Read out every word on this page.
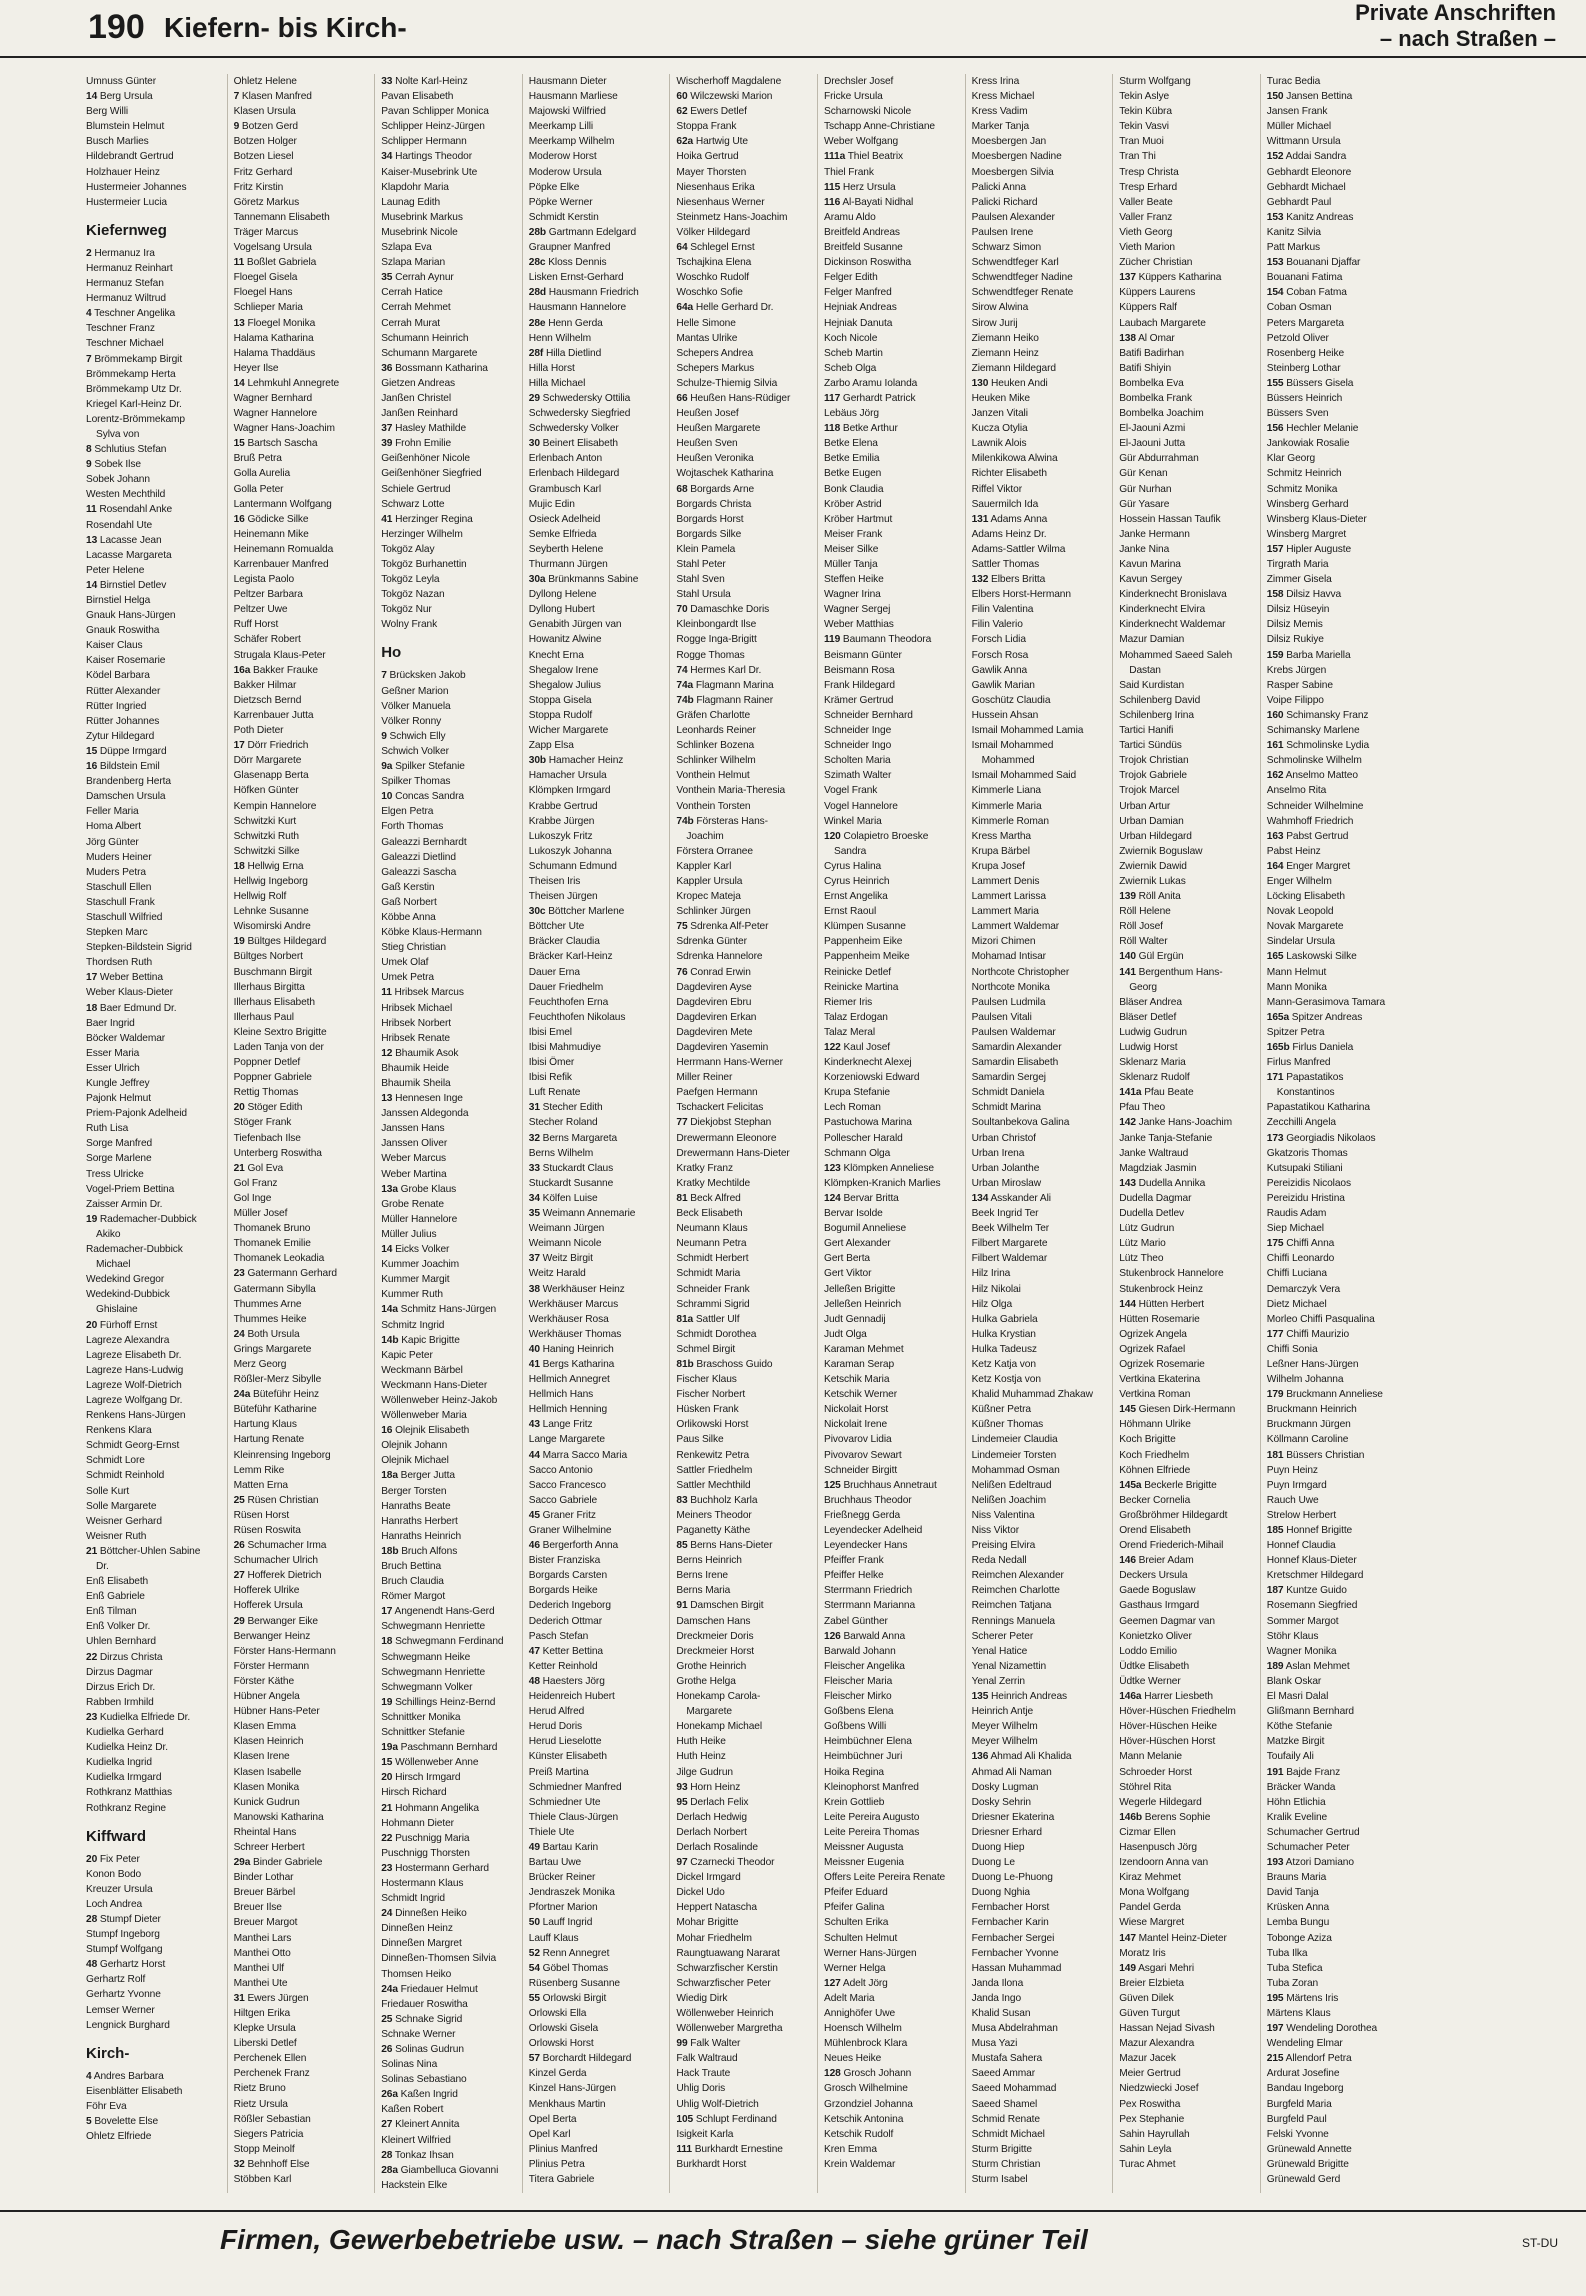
190 Kiefern- bis Kirch-	Private Anschriften
– nach Straßen –
Umnuss Günter
14 Berg Ursula
Berg Willi
Blumstein Helmut
Busch Marlies
Hildebrandt Gertrud
Holzhauer Heinz
Hustermeier Johannes
Hustermeier Lucia
Kiefernweg
2 Hermanuz Ira
Hermanuz Reinhart
Hermanuz Stefan
Hermanuz Wiltrud
4 Teschner Angelika
Teschner Franz
Teschner Michael
7 Brömmekamp Birgit
Brömmekamp Herta
Brömmekamp Utz Dr.
Kriegel Karl-Heinz Dr.
Lorentz-Brömmekamp
Sylva von
8 Schlutius Stefan
9 Sobek Ilse
Sobek Johann
Westen Mechthild
11 Rosendahl Anke
Rosendahl Ute
13 Lacasse Jean
Lacasse Margareta
Peter Helene
14 Birnstiel Detlev
Birnstiel Helga
Gnauk Hans-Jürgen
Gnauk Roswitha
Kaiser Claus
Kaiser Rosemarie
Ködel Barbara
Rütter Alexander
Rütter Ingried
Rütter Johannes
Zytur Hildegard
15 Düppe Irmgard
16 Bildstein Emil
Brandenberg Herta
Damschen Ursula
Feller Maria
Homa Albert
Jörg Günter
Muders Heiner
Muders Petra
Staschull Ellen
Staschull Frank
Staschull Wilfried
Stepken Marc
Stepken-Bildstein Sigrid
Thordsen Ruth
17 Weber Bettina
Weber Klaus-Dieter
18 Baer Edmund Dr.
Baer Ingrid
Böcker Waldemar
Esser Maria
Esser Ulrich
Kungle Jeffrey
Pajonk Helmut
Priem-Pajonk Adelheid
Ruth Lisa
Sorge Manfred
Sorge Marlene
Tress Ulricke
Vogel-Priem Bettina
Zaisser Armin Dr.
19 Rademacher-Dubbick
Akiko
Rademacher-Dubbick
Michael
Wedekind Gregor
Wedekind-Dubbick
Ghislaine
20 Fürhoff Ernst
Lagreze Alexandra
Lagreze Elisabeth Dr.
Lagreze Hans-Ludwig
Lagreze Wolf-Dietrich
Lagreze Wolfgang Dr.
Renkens Hans-Jürgen
Renkens Klara
Schmidt Georg-Ernst
Schmidt Lore
Schmidt Reinhold
Solle Kurt
Solle Margarete
Weisner Gerhard
Weisner Ruth
21 Böttcher-Uhlen Sabine
Dr.
Enß Elisabeth
Enß Gabriele
Enß Tilman
Enß Volker Dr.
Uhlen Bernhard
22 Dirzus Christa
Dirzus Dagmar
Dirzus Erich Dr.
Rabben Irmhild
23 Kudielka Elfriede Dr.
Kudielka Gerhard
Kudielka Heinz Dr.
Kudielka Ingrid
Kudielka Irmgard
Rothkranz Matthias
Rothkranz Regine
Kiffward
20 Fix Peter
Konon Bodo
Kreuzer Ursula
Loch Andrea
28 Stumpf Dieter
Stumpf Ingeborg
Stumpf Wolfgang
48 Gerhartz Horst
Gerhartz Rolf
Gerhartz Yvonne
Lemser Werner
Lengnick Burghard
Kirch-
4 Andres Barbara
Eisenblätter Elisabeth
Föhr Eva
5 Bovelette Else
Ohletz Elfriede
Ohletz Helene
7 Klasen Manfred
Klasen Ursula
9 Botzen Gerd
Botzen Holger
Botzen Liesel
Fritz Gerhard
Fritz Kirstin
Göretz Markus
Tannemann Elisabeth
Träger Marcus
Vogelsang Ursula
11 Boßlet Gabriela
Floegel Gisela
Floegel Hans
Schlieper Maria
13 Floegel Monika
Halama Katharina
Halama Thaddäus
Heyer Ilse
14 Lehmkuhl Annegrete
Wagner Bernhard
Wagner Hannelore
Wagner Hans-Joachim
15 Bartsch Sascha
Bruß Petra
Golla Aurelia
Golla Peter
Lantermann Wolfgang
16 Gödicke Silke
Heinemann Mike
Heinemann Romualda
Karrenbauer Manfred
Legista Paolo
Peltzer Barbara
Peltzer Uwe
Ruff Horst
Schäfer Robert
Strugala Klaus-Peter
16a Bakker Frauke
Bakker Hilmar
Dietzsch Bernd
Karrenbauer Jutta
Poth Dieter
17 Dörr Friedrich
Dörr Margarete
Glasenapp Berta
Höfken Günter
Kempin Hannelore
Schwitzki Kurt
Schwitzki Ruth
Schwitzki Silke
18 Hellwig Erna
Hellwig Ingeborg
Hellwig Rolf
Lehnke Susanne
Wisomirski Andre
19 Bültges Hildegard
Bültges Norbert
Buschmann Birgit
Illerhaus Birgitta
Illerhaus Elisabeth
Illerhaus Paul
Kleine Sextro Brigitte
Laden Tanja von der
Poppner Detlef
Poppner Gabriele
Rettig Thomas
20 Stöger Edith
Stöger Frank
Tiefenbach Ilse
Unterberg Roswitha
21 Gol Eva
Gol Franz
Gol Inge
Müller Josef
Thomanek Bruno
Thomanek Emilie
Thomanek Leokadia
23 Gatermann Gerhard
Gatermann Sibylla
Thummes Arne
Thummes Heike
24 Both Ursula
Grings Margarete
Merz Georg
Rößler-Merz Sibylle
24a Büteführ Heinz
Büteführ Katharine
Hartung Klaus
Hartung Renate
Kleinrensing Ingeborg
Lemm Rike
Matten Erna
25 Rüsen Christian
Rüsen Horst
Rüsen Roswita
26 Schumacher Irma
Schumacher Ulrich
27 Hofferek Dietrich
Hofferek Ulrike
Hofferek Ursula
29 Berwanger Eike
Berwanger Heinz
Förster Hans-Hermann
Förster Hermann
Förster Käthe
Hübner Angela
Hübner Hans-Peter
Klasen Emma
Klasen Heinrich
Klasen Irene
Klasen Isabelle
Klasen Monika
Kunick Gudrun
Manowski Katharina
Rheintal Hans
Schreer Herbert
29a Binder Gabriele
Binder Lothar
Breuer Bärbel
Breuer Ilse
Breuer Margot
Manthei Lars
Manthei Otto
Manthei Ulf
Manthei Ute
31 Ewers Jürgen
Hiltgen Erika
Klepke Ursula
Liberski Detlef
Perchenek Ellen
Perchenek Franz
Rietz Bruno
Rietz Ursula
Rößler Sebastian
Siegers Patricia
Stopp Meinolf
32 Behnhoff Else
Stöbben Karl
33 Nolte Karl-Heinz
Pavan Elisabeth
Pavan Schlipper Monica
Schlipper Heinz-Jürgen
Schlipper Hermann
34 Hartings Theodor
Kaiser-Musebrink Ute
Klapdohr Maria
Launag Edith
Musebrink Markus
Musebrink Nicole
Szlapa Eva
Szlapa Marian
35 Cerrah Aynur
Cerrah Hatice
Cerrah Mehmet
Cerrah Murat
Schumann Heinrich
Schumann Margarete
36 Bossmann Katharina
Gietzen Andreas
Janßen Christel
Janßen Reinhard
37 Hasley Mathilde
39 Frohn Emilie
Geißenhöner Nicole
Geißenhöner Siegfried
Schiele Gertrud
Schwarz Lotte
41 Herzinger Regina
Herzinger Wilhelm
Tokgöz Alay
Tokgöz Burhanettin
Tokgöz Leyla
Tokgöz Nazan
Tokgöz Nur
Wolny Frank
Ho
7 Brücksken Jakob
Geßner Marion
Völker Manuela
Völker Ronny
9 Schwich Elly
Schwich Volker
9a Spilker Stefanie
Spilker Thomas
10 Concas Sandra
Elgen Petra
Forth Thomas
Galeazzi Bernhardt
Galeazzi Dietlind
Galeazzi Sascha
Gaß Kerstin
Gaß Norbert
Köbbe Anna
Köbke Klaus-Hermann
Stieg Christian
Umek Olaf
Umek Petra
11 Hribsek Marcus
Hribsek Michael
Hribsek Norbert
Hribsek Renate
12 Bhaumik Asok
Bhaumik Heide
Bhaumik Sheila
13 Hennesen Inge
Janssen Aldegonda
Janssen Hans
Janssen Oliver
Weber Marcus
Weber Martina
13a Grobe Klaus
Grobe Renate
Müller Hannelore
Müller Julius
14 Eicks Volker
Kummer Joachim
Kummer Margit
Kummer Ruth
14a Schmitz Hans-Jürgen
Schmitz Ingrid
14b Kapic Brigitte
Kapic Peter
Weckmann Bärbel
Weckmann Hans-Dieter
Wöllenweber Heinz-Jakob
Wöllenweber Maria
16 Olejnik Elisabeth
Olejnik Johann
Olejnik Michael
18a Berger Jutta
Berger Torsten
Hanraths Beate
Hanraths Herbert
Hanraths Heinrich
18b Bruch Alfons
Bruch Bettina
Bruch Claudia
Römer Margot
17 Angenendt Hans-Gerd
Schwegmann Henriette
18 Schwegmann Ferdinand
Schwegmann Heike
Schwegmann Henriette
Schwegmann Volker
19 Schillings Heinz-Bernd
Schnittker Monika
Schnittker Stefanie
19a Paschmann Bernhard
15 Wöllenweber Anne
20 Hirsch Irmgard
Hirsch Richard
21 Hohmann Angelika
Hohmann Dieter
22 Puschnigg Maria
Puschnigg Thorsten
23 Hostermann Gerhard
Hostermann Klaus
Schmidt Ingrid
24 Dinneßen Heiko
Dinneßen Heinz
Dinneßen Margret
Dinneßen-Thomsen Silvia
Thomsen Heiko
24a Friedauer Helmut
Friedauer Roswitha
25 Schnake Sigrid
Schnake Werner
26 Solinas Gudrun
Solinas Nina
Solinas Sebastiano
26a Kaßen Ingrid
Kaßen Robert
27 Kleinert Annita
Kleinert Wilfried
28 Tonkaz Ihsan
28a Giambelluca Giovanni
Hackstein Elke
Hausmann Dieter
Hausmann Marliese
Majowski Wilfried
Meerkamp Lilli
Meerkamp Wilhelm
Moderow Horst
Moderow Ursula
Pöpke Elke
Pöpke Werner
Schmidt Kerstin
28b Gartmann Edelgard
Graupner Manfred
28c Kloss Dennis
Lisken Ernst-Gerhard
28d Hausmann Friedrich
Hausmann Hannelore
28e Henn Gerda
Henn Wilhelm
28f Hilla Dietlind
Hilla Horst
Hilla Michael
29 Schwedersky Ottilia
Schwedersky Siegfried
Schwedersky Volker
30 Beinert Elisabeth
Erlenbach Anton
Erlenbach Hildegard
Grambusch Karl
Mujic Edin
Osieck Adelheid
Semke Elfrieda
Seyberth Helene
Thurmann Jürgen
30a Brünkmanns Sabine
Dyllong Helene
Dyllong Hubert
Genabith Jürgen van
Howanitz Alwine
Knecht Erna
Shegalow Irene
Shegalow Julius
Stoppa Gisela
Stoppa Rudolf
Wicher Margarete
Zapp Elsa
30b Hamacher Heinz
Hamacher Ursula
Klömpken Irmgard
Krabbe Gertrud
Krabbe Jürgen
Lukoszyk Fritz
Lukoszyk Johanna
Schumann Edmund
Theisen Iris
Theisen Jürgen
30c Böttcher Marlene
Böttcher Ute
Bräcker Claudia
Bräcker Karl-Heinz
Dauer Erna
Dauer Friedhelm
Feuchthofen Erna
Feuchthofen Nikolaus
Ibisi Emel
Ibisi Mahmudiye
Ibisi Ömer
Ibisi Refik
Luft Renate
31 Stecher Edith
Stecher Roland
32 Berns Margareta
Berns Wilhelm
33 Stuckardt Claus
Stuckardt Susanne
34 Kölfen Luise
35 Weimann Annemarie
Weimann Jürgen
Weimann Nicole
37 Weitz Birgit
Weitz Harald
38 Werkhäuser Heinz
Werkhäuser Marcus
Werkhäuser Rosa
Werkhäuser Thomas
40 Haning Heinrich
41 Bergs Katharina
Hellmich Annegret
Hellmich Hans
Hellmich Henning
43 Lange Fritz
Lange Margarete
44 Marra Sacco Maria
Sacco Antonio
Sacco Francesco
Sacco Gabriele
45 Graner Fritz
Graner Wilhelmine
46 Bergerforth Anna
Bister Franziska
Borgards Carsten
Borgards Heike
Dederich Ingeborg
Dederich Ottmar
Pasch Stefan
47 Ketter Bettina
Ketter Reinhold
48 Haesters Jörg
Heidenreich Hubert
Herud Alfred
Herud Doris
Herud Lieselotte
Künster Elisabeth
Preiß Martina
Schmiedner Manfred
Schmiedner Ute
Thiele Claus-Jürgen
Thiele Ute
49 Bartau Karin
Bartau Uwe
Brücker Reiner
Jendraszek Monika
Pfortner Marion
50 Lauff Ingrid
Lauff Klaus
52 Renn Annegret
54 Göbel Thomas
Rüsenberg Susanne
55 Orlowski Birgit
Orlowski Ella
Orlowski Gisela
Orlowski Horst
57 Borchardt Hildegard
Kinzel Gerda
Kinzel Hans-Jürgen
Menkhaus Martin
Opel Berta
Opel Karl
Plinius Manfred
Plinius Petra
Titera Gabriele
Wischerhoff Magdalene
60 Wilczewski Marion
62 Ewers Detlef
Stoppa Frank
62a Hartwig Ute
Hoika Gertrud
Mayer Thorsten
Niesenhaus Erika
Niesenhaus Werner
Steinmetz Hans-Joachim
Völker Hildegard
64 Schlegel Ernst
Tschajkina Elena
Woschko Rudolf
Woschko Sofie
64a Helle Gerhard Dr.
Helle Simone
Mantas Ulrike
Schepers Andrea
Schepers Markus
Schulze-Thiemig Silvia
66 Heußen Hans-Rüdiger
Heußen Josef
Heußen Margarete
Heußen Sven
Heußen Veronika
Wojtaschek Katharina
68 Borgards Arne
Borgards Christa
Borgards Horst
Borgards Silke
Klein Pamela
Stahl Peter
Stahl Sven
Stahl Ursula
70 Damaschke Doris
Kleinbongardt Ilse
Rogge Inga-Brigitt
Rogge Thomas
74 Hermes Karl Dr.
74a Flagmann Marina
74b Flagmann Rainer
Gräfen Charlotte
Leonhards Reiner
Schlinker Bozena
Schlinker Wilhelm
Vonthein Helmut
Vonthein Maria-Theresia
Vonthein Torsten
74b Försteras Hans-
Joachim
Förstera Orranee
Kappler Karl
Kappler Ursula
Kropec Mateja
Schlinker Jürgen
75 Sdrenka Alf-Peter
Sdrenka Günter
Sdrenka Hannelore
76 Conrad Erwin
Dagdeviren Ayse
Dagdeviren Ebru
Dagdeviren Erkan
Dagdeviren Mete
Dagdeviren Yasemin
Herrmann Hans-Werner
Miller Reiner
Paefgen Hermann
Tschackert Felicitas
77 Diekjobst Stephan
Drewermann Eleonore
Drewermann Hans-Dieter
Kratky Franz
Kratky Mechtilde
81 Beck Alfred
Beck Elisabeth
Neumann Klaus
Neumann Petra
Schmidt Herbert
Schmidt Maria
Schneider Frank
Schrammi Sigrid
81a Sattler Ulf
Schmidt Dorothea
Schmel Birgit
81b Braschoss Guido
Fischer Klaus
Fischer Norbert
Hüsken Frank
Orlikowski Horst
Paus Silke
Renkewitz Petra
Sattler Friedhelm
Sattler Mechthild
83 Buchholz Karla
Meiners Theodor
Paganetty Käthe
85 Berns Hans-Dieter
Berns Heinrich
Berns Irene
Berns Maria
91 Damschen Birgit
Damschen Hans
Dreckmeier Doris
Dreckmeier Horst
Grothe Heinrich
Grothe Helga
Honekamp Carola-
Margarete
Honekamp Michael
Huth Heike
Huth Heinz
Jilge Gudrun
93 Horn Heinz
95 Derlach Felix
Derlach Hedwig
Derlach Norbert
Derlach Rosalinde
97 Czarnecki Theodor
Dickel Irmgard
Dickel Udo
Heppert Natascha
Mohar Brigitte
Mohar Friedhelm
Raungtuawang Nararat
Schwarzfischer Kerstin
Schwarzfischer Peter
Wiedig Dirk
Wöllenweber Heinrich
Wöllenweber Margretha
99 Falk Walter
Falk Waltraud
Hack Traute
Uhlig Doris
Uhlig Wolf-Dietrich
105 Schlupt Ferdinand
Isigkeit Karla
111 Burkhardt Ernestine
Burkhardt Horst
Drechsler Josef
Fricke Ursula
Scharnowski Nicole
Tschapp Anne-Christiane
Weber Wolfgang
111a Thiel Beatrix
Thiel Frank
115 Herz Ursula
116 Al-Bayati Nidhal
Aramu Aldo
Breitfeld Andreas
Breitfeld Susanne
Dickinson Roswitha
Felger Edith
Felger Manfred
Hejniak Andreas
Hejniak Danuta
Koch Nicole
Scheb Martin
Scheb Olga
Zarbo Aramu Iolanda
117 Gerhardt Patrick
Lebäus Jörg
118 Betke Arthur
Betke Elena
Betke Emilia
Betke Eugen
Bonk Claudia
Kröber Astrid
Kröber Hartmut
Meiser Frank
Meiser Silke
Müller Tanja
Steffen Heike
Wagner Irina
Wagner Sergej
Weber Matthias
119 Baumann Theodora
Beismann Günter
Beismann Rosa
Frank Hildegard
Krämer Gertrud
Schneider Bernhard
Schneider Inge
Schneider Ingo
Scholten Maria
Szimath Walter
Vogel Frank
Vogel Hannelore
Winkel Maria
120 Colapietro Broeske
Sandra
Cyrus Halina
Cyrus Heinrich
Ernst Angelika
Ernst Raoul
Klümpen Susanne
Pappenheim Eike
Pappenheim Meike
Reinicke Detlef
Reinicke Martina
Riemer Iris
Talaz Erdogan
Talaz Meral
122 Kaul Josef
Kinderknecht Alexej
Korzeniowski Edward
Krupa Stefanie
Lech Roman
Pastuchowa Marina
Pollescher Harald
Schmann Olga
123 Klömpken Anneliese
Klömpken-Kranich Marlies
124 Bervar Britta
Bervar Isolde
Bogumil Anneliese
Gert Alexander
Gert Berta
Gert Viktor
Jelleßen Brigitte
Jelleßen Heinrich
Judt Gennadij
Judt Olga
Karaman Mehmet
Karaman Serap
Ketschik Maria
Ketschik Werner
Nickolait Horst
Nickolait Irene
Pivovarov Lidia
Pivovarov Sewart
Schneider Birgitt
125 Bruchhaus Annetraut
Bruchhaus Theodor
Frießnegg Gerda
Leyendecker Adelheid
Leyendecker Hans
Pfeiffer Frank
Pfeiffer Helke
Sterrmann Friedrich
Sterrmann Marianna
Zabel Günther
126 Barwald Anna
Barwald Johann
Fleischer Angelika
Fleischer Maria
Fleischer Mirko
Goßbens Elena
Goßbens Willi
Heimbüchner Elena
Heimbüchner Juri
Hoika Regina
Kleinophorst Manfred
Krein Gottlieb
Leite Pereira Augusto
Leite Pereira Thomas
Meissner Augusta
Meissner Eugenia
Offers Leite Pereira Renate
Pfeifer Eduard
Pfeifer Galina
Schulten Erika
Schulten Helmut
Werner Hans-Jürgen
Werner Helga
127 Adelt Jörg
Adelt Maria
Annighöfer Uwe
Hoensch Wilhelm
Mühlenbrock Klara
Neues Heike
128 Grosch Johann
Grosch Wilhelmine
Grzondziel Johanna
Ketschik Antonina
Ketschik Rudolf
Kren Emma
Krein Waldemar
Kress Irina
Kress Michael
Kress Vadim
Marker Tanja
Moesbergen Jan
Moesbergen Nadine
Moesbergen Silvia
Palicki Anna
Palicki Richard
Paulsen Alexander
Paulsen Irene
Schwarz Simon
Schwendtfeger Karl
Schwendtfeger Nadine
Schwendtfeger Renate
Sirow Alwina
Sirow Jurij
Ziemann Heiko
Ziemann Heinz
Ziemann Hildegard
130 Heuken Andi
Heuken Mike
Janzen Vitali
Kucza Otylia
Lawnik Alois
Milenkikowa Alwina
Richter Elisabeth
Riffel Viktor
Sauermilch Ida
131 Adams Anna
Adams Heinz Dr.
Adams-Sattler Wilma
Sattler Thomas
132 Elbers Britta
Elbers Horst-Hermann
Filin Valentina
Filin Valerio
Forsch Lidia
Forsch Rosa
Gawlik Anna
Gawlik Marian
Goschütz Claudia
Hussein Ahsan
Ismail Mohammed Lamia
Ismail Mohammed
Mohammed
Ismail Mohammed Said
Kimmerle Liana
Kimmerle Maria
Kimmerle Roman
Kress Martha
Krupa Bärbel
Krupa Josef
Lammert Denis
Lammert Larissa
Lammert Maria
Lammert Waldemar
Mizori Chimen
Mohamad Intisar
Northcote Christopher
Northcote Monika
Paulsen Ludmila
Paulsen Vitali
Paulsen Waldemar
Samardin Alexander
Samardin Elisabeth
Samardin Sergej
Schmidt Daniela
Schmidt Marina
Soultanbekova Galina
Urban Christof
Urban Irena
Urban Jolanthe
Urban Miroslaw
134 Asskander Ali
Beek Ingrid Ter
Beek Wilhelm Ter
Filbert Margarete
Filbert Waldemar
Hilz Irina
Hilz Nikolai
Hilz Olga
Hulka Gabriela
Hulka Krystian
Hulka Tadeusz
Ketz Katja von
Ketz Kostja von
Khalid Muhammad Zhakaw
Küßner Petra
Küßner Thomas
Lindemeier Claudia
Lindemeier Torsten
Mohammad Osman
Nelißen Edeltraud
Nelißen Joachim
Niss Valentina
Niss Viktor
Preising Elvira
Reda Nedall
Reimchen Alexander
Reimchen Charlotte
Reimchen Tatjana
Rennings Manuela
Scherer Peter
Yenal Hatice
Yenal Nizamettin
Yenal Zerrin
135 Heinrich Andreas
Heinrich Antje
Meyer Wilhelm
Meyer Wilhelm
136 Ahmad Ali Khalida
Ahmad Ali Naman
Dosky Lugman
Dosky Sehrin
Driesner Ekaterina
Driesner Erhard
Duong Hiep
Duong Le
Duong Le-Phuong
Duong Nghia
Fernbacher Horst
Fernbacher Karin
Fernbacher Sergei
Fernbacher Yvonne
Hassan Muhammad
Janda Ilona
Janda Ingo
Khalid Susan
Musa Abdelrahman
Musa Yazi
Mustafa Sahera
Saeed Ammar
Saeed Mohammad
Saeed Shamel
Schmid Renate
Schmidt Michael
Sturm Brigitte
Sturm Christian
Sturm Isabel
Sturm Wolfgang
Tekin Aslye
Tekin Kübra
Tekin Vasvi
Tran Muoi
Tran Thi
Tresp Christa
Tresp Erhard
Valler Beate
Valler Franz
Vieth Georg
Vieth Marion
Zücher Christian
137 Küppers Katharina
Küppers Laurens
Küppers Ralf
Laubach Margarete
138 Al Omar
Batifi Badirhan
Batifi Shiyin
Bombelka Eva
Bombelka Frank
Bombelka Joachim
El-Jaouni Azmi
El-Jaouni Jutta
Gür Abdurrahman
Gür Kenan
Gür Nurhan
Gür Yasare
Hossein Hassan Taufik
Janke Hermann
Janke Nina
Kavun Marina
Kavun Sergey
Kinderknecht Bronislava
Kinderknecht Elvira
Kinderknecht Waldemar
Mazur Damian
Mohammed Saeed Saleh
Dastan
Said Kurdistan
Schilenberg David
Schilenberg Irina
Tartici Hanifi
Tartici Sündüs
Trojok Christian
Trojok Gabriele
Trojok Marcel
Urban Artur
Urban Damian
Urban Hildegard
Zwiernik Boguslaw
Zwiernik Dawid
Zwiernik Lukas
139 Röll Anita
Röll Helene
Röll Josef
Röll Walter
140 Gül Ergün
141 Bergenthum Hans-
Georg
Bläser Andrea
Bläser Detlef
Ludwig Gudrun
Ludwig Horst
Sklenarz Maria
Sklenarz Rudolf
141a Pfau Beate
Pfau Theo
142 Janke Hans-Joachim
Janke Tanja-Stefanie
Janke Waltraud
Magdziak Jasmin
143 Dudella Annika
Dudella Dagmar
Dudella Detlev
Lütz Gudrun
Lütz Mario
Lütz Theo
Stukenbrock Hannelore
Stukenbrock Heinz
144 Hütten Herbert
Hütten Rosemarie
Ogrizek Angela
Ogrizek Rafael
Ogrizek Rosemarie
Vertkina Ekaterina
Vertkina Roman
145 Giesen Dirk-Hermann
Höhmann Ulrike
Koch Brigitte
Koch Friedhelm
Köhnen Elfriede
145a Beckerle Brigitte
Becker Cornelia
Großbröhmer Hildegardt
Orend Elisabeth
Orend Friederich-Mihail
146 Breier Adam
Deckers Ursula
Gaede Boguslaw
Gasthaus Irmgard
Geemen Dagmar van
Konietzko Oliver
Loddo Emilio
Üdtke Elisabeth
Üdtke Werner
146a Harrer Liesbeth
Höver-Hüschen Friedhelm
Höver-Hüschen Heike
Höver-Hüschen Horst
Mann Melanie
Schroeder Horst
Stöhrel Rita
Wegerle Hildegard
146b Berens Sophie
Cizmar Ellen
Hasenpusch Jörg
Izendoorn Anna van
Kiraz Mehmet
Mona Wolfgang
Pandel Gerda
Wiese Margret
147 Mantel Heinz-Dieter
Moratz Iris
149 Asgari Mehri
Breier Elzbieta
Güven Dilek
Güven Turgut
Hassan Nejad Sivash
Mazur Alexandra
Mazur Jacek
Meier Gertrud
Niedzwiecki Josef
Pex Roswitha
Pex Stephanie
Sahin Hayrullah
Sahin Leyla
Turac Ahmet
Turac Bedia
150 Jansen Bettina
Jansen Frank
Müller Michael
Wittmann Ursula
152 Addai Sandra
Gebhardt Eleonore
Gebhardt Michael
Gebhardt Paul
153 Kanitz Andreas
Kanitz Silvia
Patt Markus
153 Bouanani Djaffar
Bouanani Fatima
154 Coban Fatma
Coban Osman
Peters Margareta
Petzold Oliver
Rosenberg Heike
Steinberg Lothar
155 Büssers Gisela
Büssers Heinrich
Büssers Sven
156 Hechler Melanie
Jankowiak Rosalie
Klar Georg
Schmitz Heinrich
Schmitz Monika
Winsberg Gerhard
Winsberg Klaus-Dieter
Winsberg Margret
157 Hipler Auguste
Tirgrath Maria
Zimmer Gisela
158 Dilsiz Havva
Dilsiz Hüseyin
Dilsiz Memis
Dilsiz Rukiye
159 Barba Mariella
Krebs Jürgen
Rasper Sabine
Voipe Filippo
160 Schimansky Franz
Schimansky Marlene
161 Schmolinske Lydia
Schmolinske Wilhelm
162 Anselmo Matteo
Anselmo Rita
Schneider Wilhelmine
Wahmhoff Friedrich
163 Pabst Gertrud
Pabst Heinz
164 Enger Margret
Enger Wilhelm
Löcking Elisabeth
Novak Leopold
Novak Margarete
Sindelar Ursula
165 Laskowski Silke
Mann Helmut
Mann Monika
Mann-Gerasimova Tamara
165a Spitzer Andreas
Spitzer Petra
165b Firlus Daniela
Firlus Manfred
171 Papastatikos
Konstantinos
Papastatikou Katharina
Zecchilli Angela
173 Georgiadis Nikolaos
Gkatzoris Thomas
Kutsupaki Stiliani
Pereizidis Nicolaos
Pereizidu Hristina
Raudis Adam
Siep Michael
175 Chiffi Anna
Chiffi Leonardo
Chiffi Luciana
Demarczyk Vera
Dietz Michael
Morleo Chiffi Pasqualina
177 Chiffi Maurizio
Chiffi Sonia
Leßner Hans-Jürgen
Wilhelm Johanna
179 Bruckmann Anneliese
Bruckmann Heinrich
Bruckmann Jürgen
Köllmann Caroline
181 Büssers Christian
Puyn Heinz
Puyn Irmgard
Rauch Uwe
Strelow Herbert
185 Honnef Brigitte
Honnef Claudia
Honnef Klaus-Dieter
Kretschmer Hildegard
187 Kuntze Guido
Rosemann Siegfried
Sommer Margot
Stöhr Klaus
Wagner Monika
189 Aslan Mehmet
Blank Oskar
El Masri Dalal
Glißmann Bernhard
Köthe Stefanie
Matzke Birgit
Toufaily Ali
191 Bajde Franz
Bräcker Wanda
Höhn Etlichia
Kralik Eveline
Schumacher Gertrud
Schumacher Peter
193 Atzori Damiano
Brauns Maria
David Tanja
Krüsken Anna
Lemba Bungu
Tobonge Aziza
Tuba Ilka
Tuba Stefica
Tuba Zoran
195 Märtens Iris
Märtens Klaus
197 Wendeling Dorothea
Wendeling Elmar
215 Allendorf Petra
Ardurat Josefine
Bandau Ingeborg
Burgfeld Maria
Burgfeld Paul
Felski Yvonne
Grünewald Annette
Grünewald Brigitte
Grünewald Gerd
Firmen, Gewerbebetriebe usw. – nach Straßen – siehe grüner Teil	ST-DU
